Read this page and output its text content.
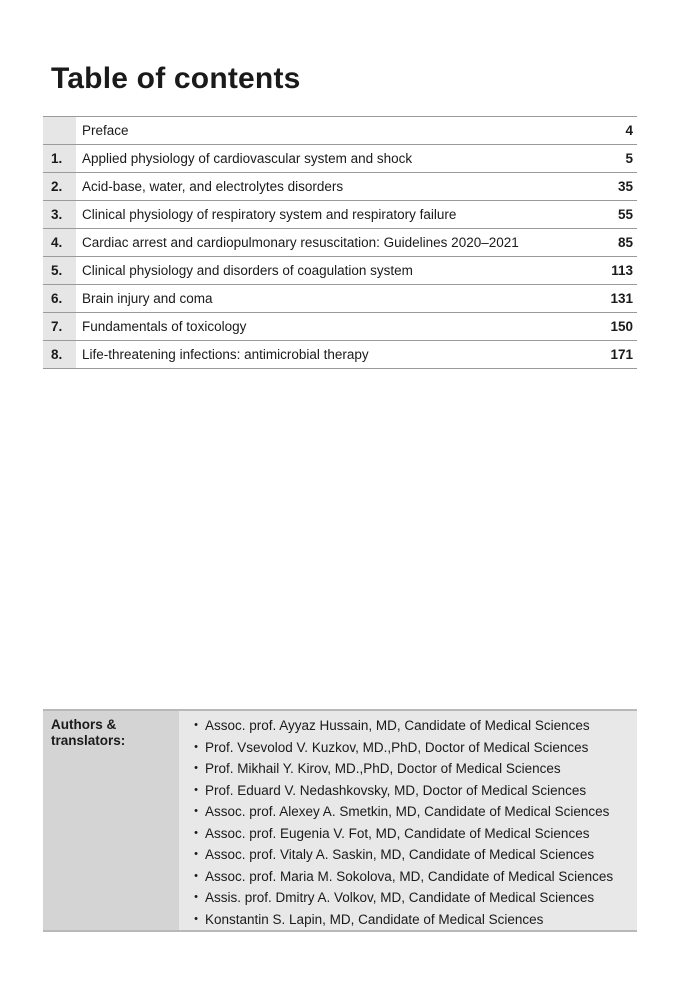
Table of contents
Preface	4
1.	Applied physiology of cardiovascular system and shock	5
2.	Acid-base, water, and electrolytes disorders	35
3.	Clinical physiology of respiratory system and respiratory failure	55
4.	Cardiac arrest and cardiopulmonary resuscitation: Guidelines 2020–2021	85
5.	Clinical physiology and disorders of coagulation system	113
6.	Brain injury and coma	131
7.	Fundamentals of toxicology	150
8.	Life-threatening infections: antimicrobial therapy	171
Authors & translators:
• Assoc. prof. Ayyaz Hussain, MD, Candidate of Medical Sciences
• Prof. Vsevolod V. Kuzkov, MD.,PhD, Doctor of Medical Sciences
• Prof. Mikhail Y. Kirov, MD.,PhD, Doctor of Medical Sciences
• Prof. Eduard V. Nedashkovsky, MD, Doctor of Medical Sciences
• Assoc. prof. Alexey A. Smetkin, MD, Candidate of Medical Sciences
• Assoc. prof. Eugenia V. Fot, MD, Candidate of Medical Sciences
• Assoc. prof. Vitaly A. Saskin, MD, Candidate of Medical Sciences
• Assoc. prof. Maria M. Sokolova, MD, Candidate of Medical Sciences
• Assis. prof. Dmitry A. Volkov, MD, Candidate of Medical Sciences
• Konstantin S. Lapin, MD, Candidate of Medical Sciences
